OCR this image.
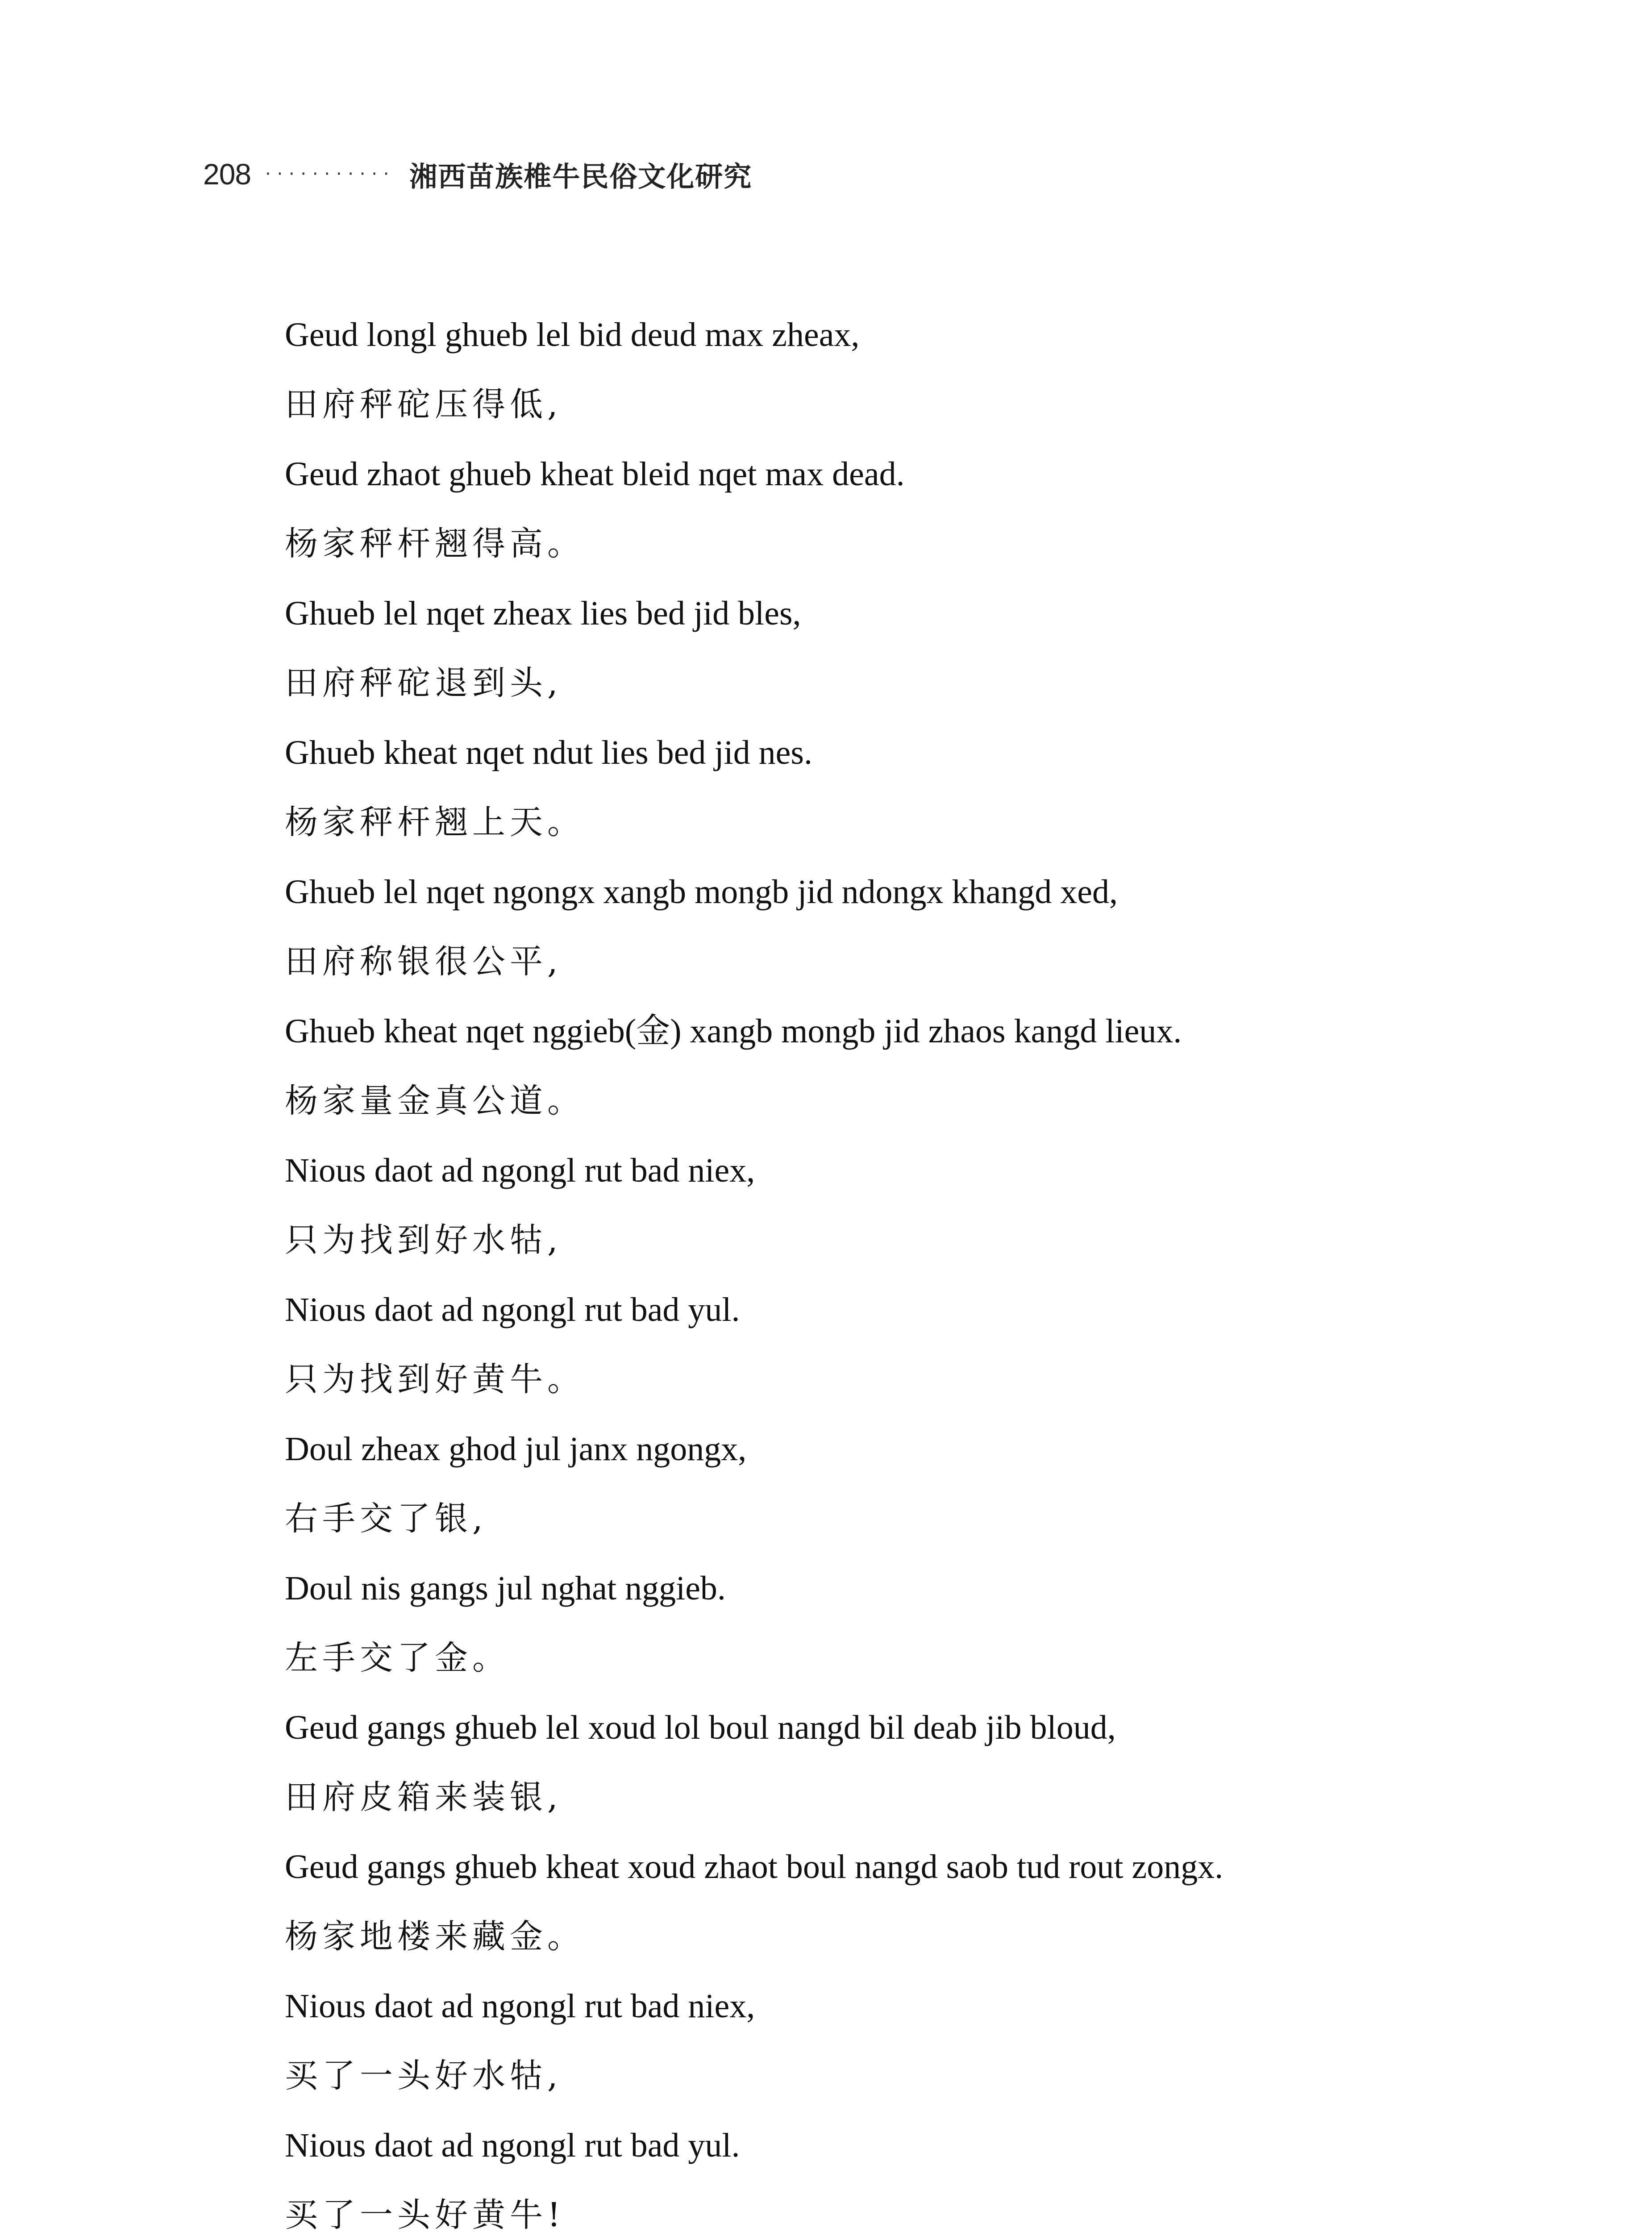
208 ··········· 湘西苗族椎牛民俗文化研究
Geud longl ghueb lel bid deud max zheax,
田府秤砣压得低,
Geud zhaot ghueb kheat bleid nqet max dead.
杨家秤杆翘得高。
Ghueb lel nqet zheax lies bed jid bles,
田府秤砣退到头,
Ghueb kheat nqet ndut lies bed jid nes.
杨家秤杆翘上天。
Ghueb lel nqet ngongx xangb mongb jid ndongx khangd xed,
田府称银很公平,
Ghueb kheat nqet nggieb(金) xangb mongb jid zhaos kangd lieux.
杨家量金真公道。
Nious daot ad ngongl rut bad niex,
只为找到好水牯,
Nious daot ad ngongl rut bad yul.
只为找到好黄牛。
Doul zheax ghod jul janx ngongx,
右手交了银,
Doul nis gangs jul nghat nggieb.
左手交了金。
Geud gangs ghueb lel xoud lol boul nangd bil deab jib bloud,
田府皮箱来装银,
Geud gangs ghueb kheat xoud zhaot boul nangd saob tud rout zongx.
杨家地楼来藏金。
Nious daot ad ngongl rut bad niex,
买了一头好水牯,
Nious daot ad ngongl rut bad yul.
买了一头好黄牛!
